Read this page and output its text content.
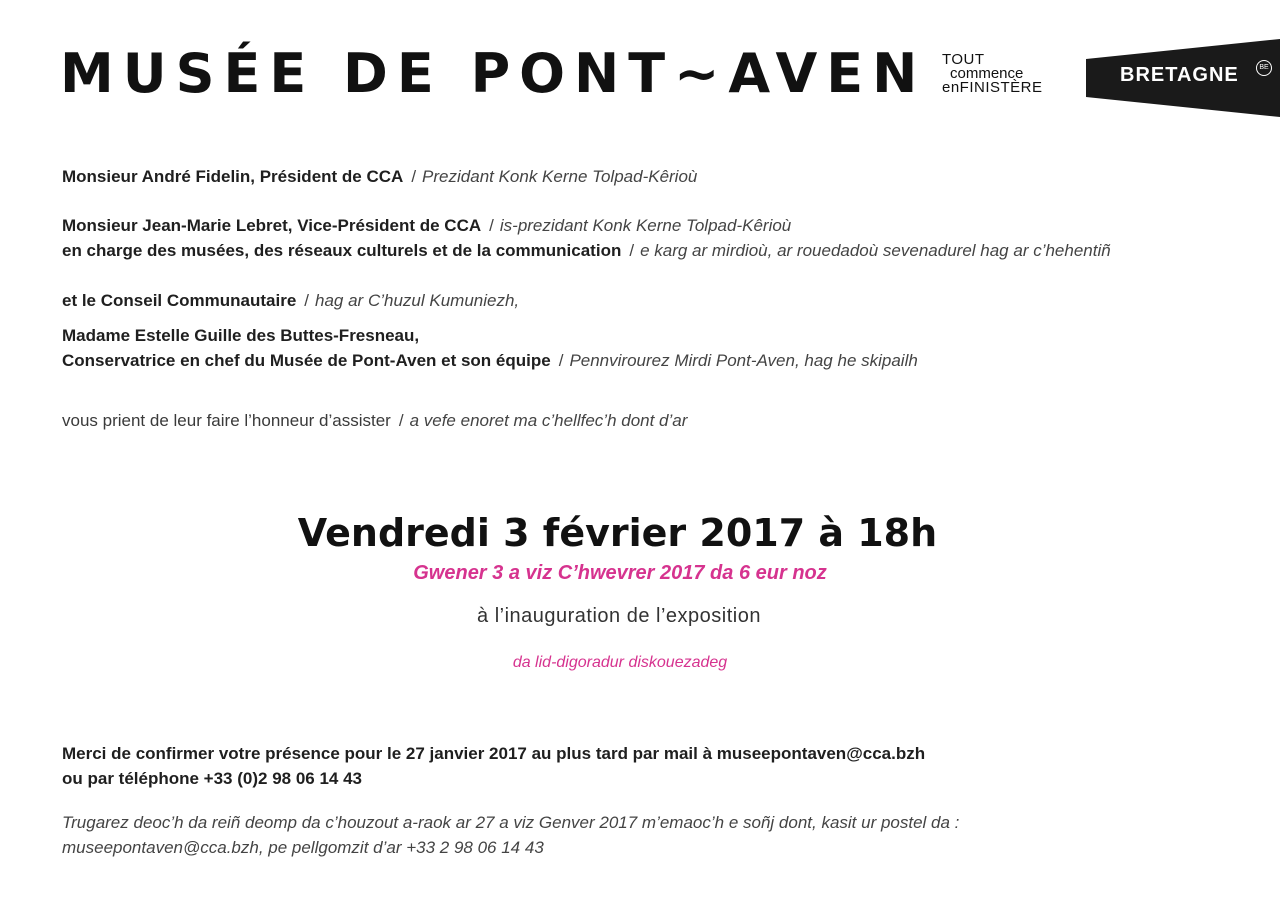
MUSÉE DE PONT~AVEN TOUT
commence
enFINISTÈRE
BRETAGNE	BE
Monsieur André Fidelin, Président de CCA / Prezidant Konk Kerne Tolpad-Kêrioù
Monsieur Jean-Marie Lebret, Vice-Président de CCA / is-prezidant Konk Kerne Tolpad-Kêrioù
en charge des musées, des réseaux culturels et de la communication / e karg ar mirdioù, ar rouedadoù sevenadurel hag ar c’hehentiñ
et le Conseil Communautaire / hag ar C’huzul Kumuniezh,
Madame Estelle Guille des Buttes-Fresneau,
Conservatrice en chef du Musée de Pont-Aven et son équipe / Pennvirourez Mirdi Pont-Aven, hag he skipailh
vous prient de leur faire l’honneur d’assister / a vefe enoret ma c’hellfec’h dont d’ar
Vendredi 3 février 2017 à 18h
Gwener 3 a viz C’hwevrer 2017 da 6 eur noz
à l’inauguration de l’exposition
da lid-digoradur diskouezadeg
Merci de confirmer votre présence pour le 27 janvier 2017 au plus tard par mail à museepontaven@cca.bzh
ou par téléphone +33 (0)2 98 06 14 43
Trugarez deoc’h da reiñ deomp da c’houzout a-raok ar 27 a viz Genver 2017 m’emaoc’h e soñj dont, kasit ur postel da :
museepontaven@cca.bzh, pe pellgomzit d’ar +33 2 98 06 14 43
